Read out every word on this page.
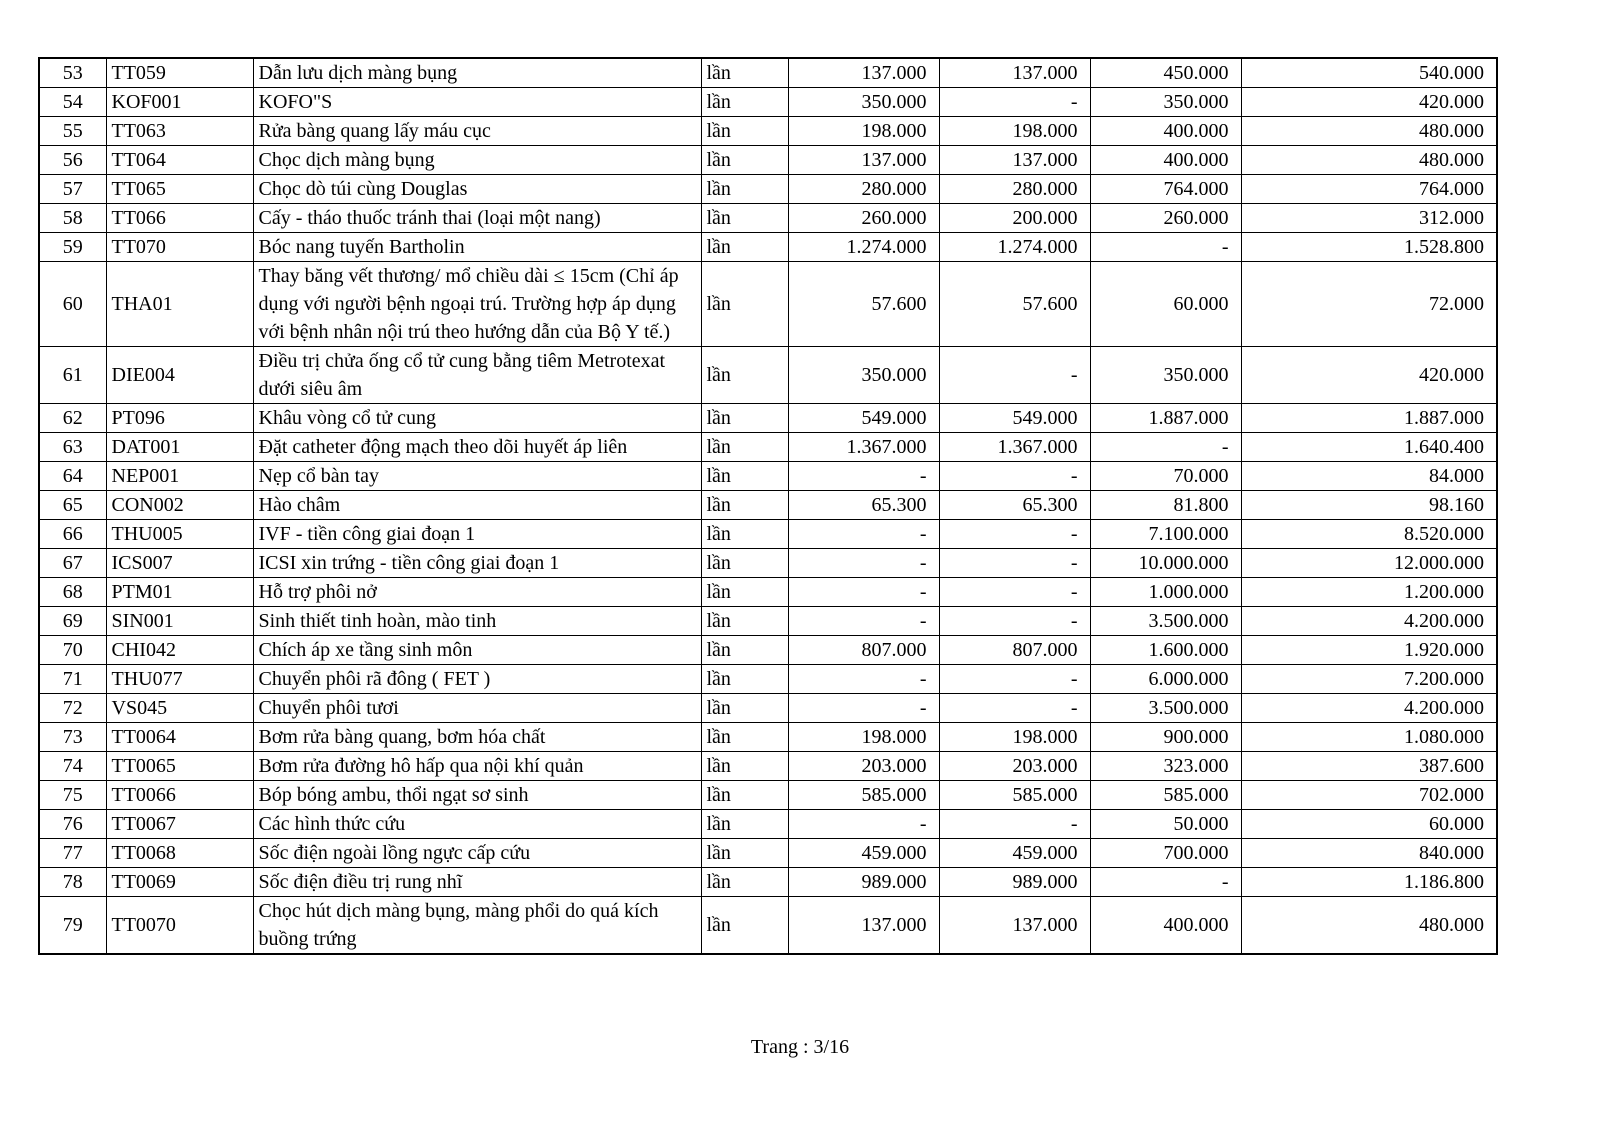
53	TT059	Dẫn lưu dịch màng bụng	lần	137.000	137.000	450.000	540.000
54	KOF001	KOFO"S	lần	350.000	-	350.000	420.000
55	TT063	Rửa bàng quang lấy máu cục	lần	198.000	198.000	400.000	480.000
56	TT064	Chọc dịch màng bụng	lần	137.000	137.000	400.000	480.000
57	TT065	Chọc dò túi cùng Douglas	lần	280.000	280.000	764.000	764.000
58	TT066	Cấy - tháo thuốc tránh thai (loại một nang)	lần	260.000	200.000	260.000	312.000
59	TT070	Bóc nang tuyến Bartholin	lần	1.274.000	1.274.000	-	1.528.800
60	THA01	Thay băng vết thương/ mổ chiều dài ≤ 15cm (Chỉ áp dụng với người bệnh ngoại trú. Trường hợp áp dụng với bệnh nhân nội trú theo hướng dẫn của Bộ Y tế.)	lần	57.600	57.600	60.000	72.000
61	DIE004	Điều trị chửa ống cổ tử cung bằng tiêm Metrotexat dưới siêu âm	lần	350.000	-	350.000	420.000
62	PT096	Khâu vòng cổ tử cung	lần	549.000	549.000	1.887.000	1.887.000
63	DAT001	Đặt catheter động mạch theo dõi huyết áp liên	lần	1.367.000	1.367.000	-	1.640.400
64	NEP001	Nẹp cổ bàn tay	lần	-	-	70.000	84.000
65	CON002	Hào châm	lần	65.300	65.300	81.800	98.160
66	THU005	IVF - tiền công giai đoạn 1	lần	-	-	7.100.000	8.520.000
67	ICS007	ICSI xin trứng - tiền công giai đoạn 1	lần	-	-	10.000.000	12.000.000
68	PTM01	Hỗ trợ phôi nở	lần	-	-	1.000.000	1.200.000
69	SIN001	Sinh thiết tinh hoàn, mào tinh	lần	-	-	3.500.000	4.200.000
70	CHI042	Chích áp xe tầng sinh môn	lần	807.000	807.000	1.600.000	1.920.000
71	THU077	Chuyển phôi rã đông ( FET )	lần	-	-	6.000.000	7.200.000
72	VS045	Chuyển phôi tươi	lần	-	-	3.500.000	4.200.000
73	TT0064	Bơm rửa bàng quang, bơm hóa chất	lần	198.000	198.000	900.000	1.080.000
74	TT0065	Bơm rửa đường hô hấp qua nội khí quản	lần	203.000	203.000	323.000	387.600
75	TT0066	Bóp bóng ambu, thổi ngạt sơ sinh	lần	585.000	585.000	585.000	702.000
76	TT0067	Các hình thức cứu	lần	-	-	50.000	60.000
77	TT0068	Sốc điện ngoài lồng ngực cấp cứu	lần	459.000	459.000	700.000	840.000
78	TT0069	Sốc điện điều trị rung nhĩ	lần	989.000	989.000	-	1.186.800
79	TT0070	Chọc hút dịch màng bụng, màng phổi do quá kích buồng trứng	lần	137.000	137.000	400.000	480.000
Trang : 3/16
